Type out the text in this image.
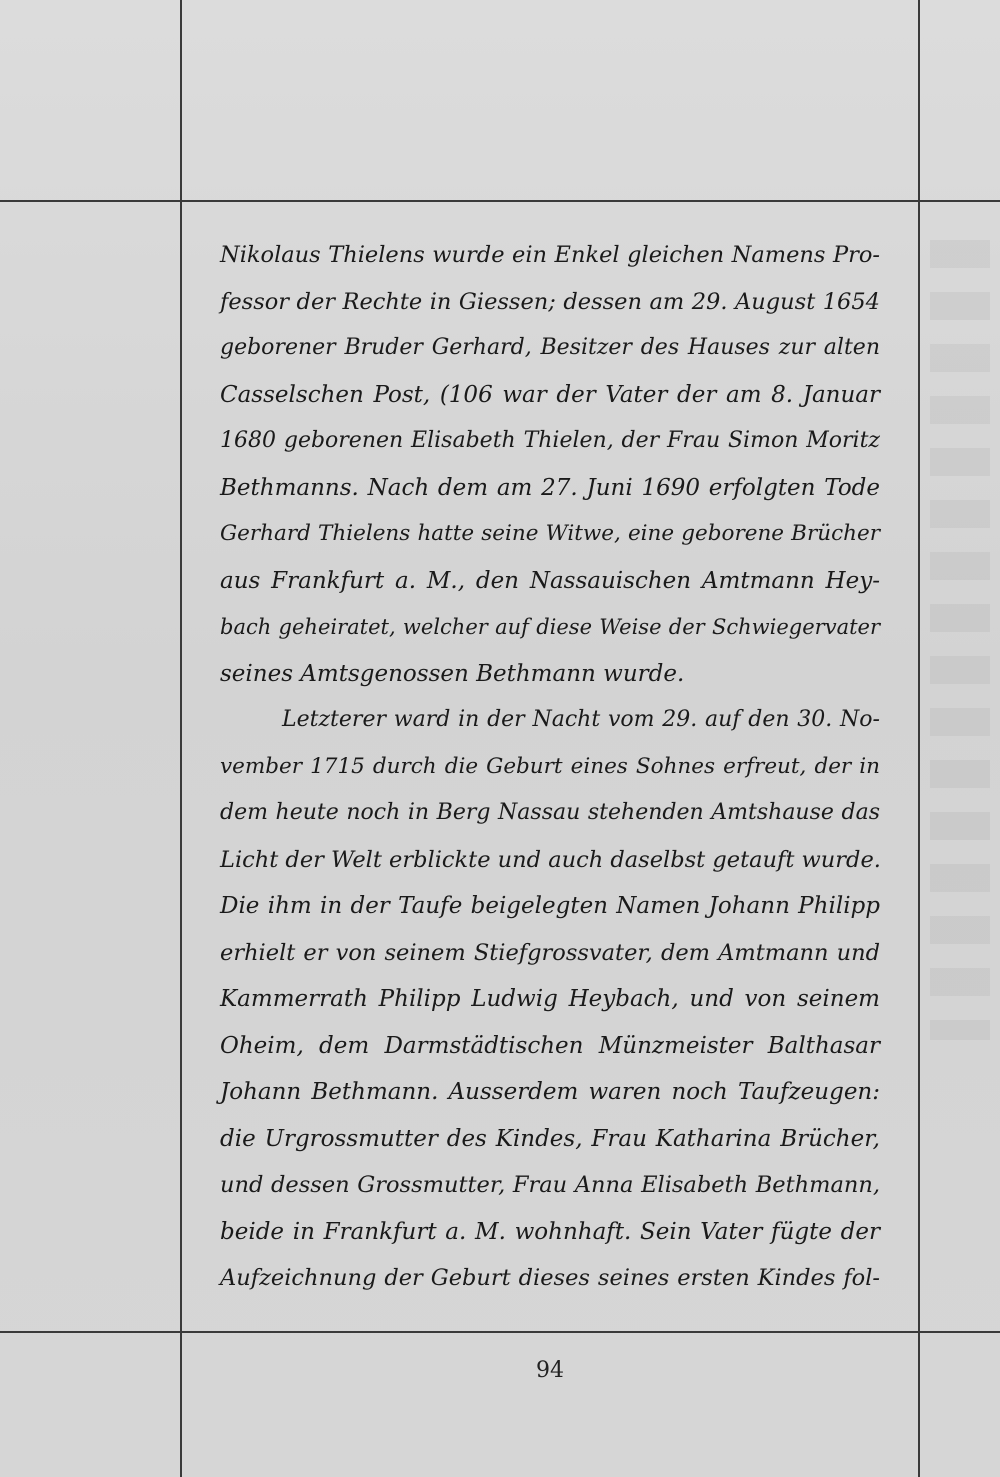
Nikolaus Thielens wurde ein Enkel gleichen Namens Pro-
fessor der Rechte in Giessen; dessen am 29. August 1654
geborener Bruder Gerhard, Besitzer des Hauses zur alten
Casselschen Post, (106 war der Vater der am 8. Januar
1680 geborenen Elisabeth Thielen, der Frau Simon Moritz
Bethmanns. Nach dem am 27. Juni 1690 erfolgten Tode
Gerhard Thielens hatte seine Witwe, eine geborene Brücher
aus Frankfurt a. M., den Nassauischen Amtmann Hey-
bach geheiratet, welcher auf diese Weise der Schwiegervater
seines Amtsgenossen Bethmann wurde.
Letzterer ward in der Nacht vom 29. auf den 30. No-
vember 1715 durch die Geburt eines Sohnes erfreut, der in
dem heute noch in Berg Nassau stehenden Amtshause das
Licht der Welt erblickte und auch daselbst getauft wurde.
Die ihm in der Taufe beigelegten Namen Johann Philipp
erhielt er von seinem Stiefgrossvater, dem Amtmann und
Kammerrath Philipp Ludwig Heybach, und von seinem
Oheim, dem Darmstädtischen Münzmeister Balthasar
Johann Bethmann. Ausserdem waren noch Taufzeugen:
die Urgrossmutter des Kindes, Frau Katharina Brücher,
und dessen Grossmutter, Frau Anna Elisabeth Bethmann,
beide in Frankfurt a. M. wohnhaft. Sein Vater fügte der
Aufzeichnung der Geburt dieses seines ersten Kindes fol-
94
